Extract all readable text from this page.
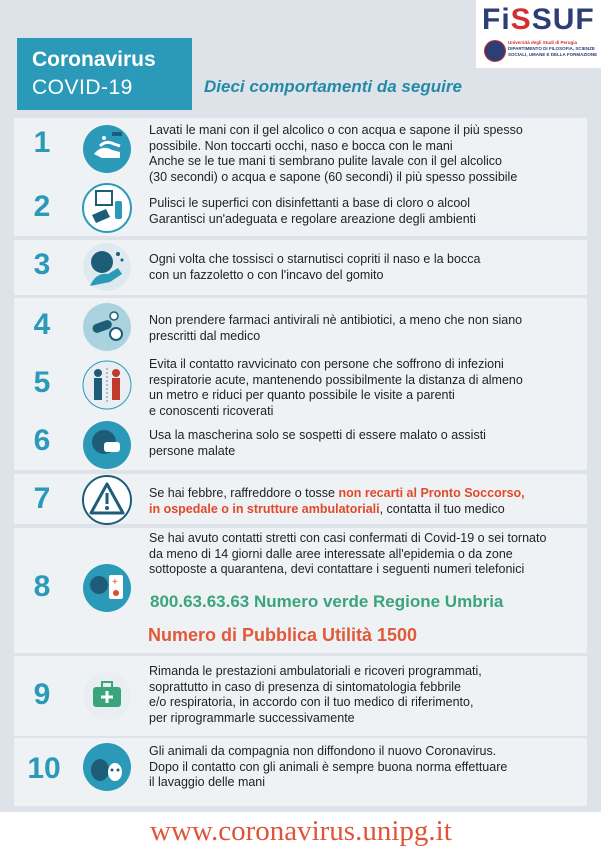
Coronavirus
COVID-19	Dieci comportamenti da seguire
FiSSUF
Università degli Studi di Perugia
DIPARTIMENTO DI FILOSOFIA, SCIENZE SOCIALI, UMANE E DELLA FORMAZIONE
1
2
3
4
5
6
7
8
9
10
+
Lavati le mani con il gel alcolico o con acqua e sapone il più spesso
possibile. Non toccarti occhi, naso e bocca con le mani
Anche se le tue mani ti sembrano pulite lavale con il gel alcolico
(30 secondi) o acqua e sapone (60 secondi) il più spesso possibile
Pulisci le superfici con disinfettanti a base di cloro o alcool
Garantisci un'adeguata e regolare areazione degli ambienti
Ogni volta che tossisci o starnutisci copriti il naso e la bocca
con un fazzoletto o con l'incavo del gomito
Non prendere farmaci antivirali nè antibiotici, a meno che non siano
prescritti dal medico
Evita il contatto ravvicinato con persone che soffrono di infezioni
respiratorie acute, mantenendo possibilmente la distanza di almeno
un metro e riduci per quanto possibile le visite a parenti
e conoscenti ricoverati
Usa la mascherina solo se sospetti di essere malato o assisti
persone malate
Se hai febbre, raffreddore o tosse non recarti al Pronto Soccorso,
in ospedale o in strutture ambulatoriali, contatta il tuo medico
Se hai avuto contatti stretti con casi confermati di Covid-19 o sei tornato
da meno di 14 giorni dalle aree interessate all'epidemia o da zone
sottoposte a quarantena, devi contattare i seguenti numeri telefonici
800.63.63.63 Numero verde Regione Umbria
Numero di Pubblica Utilità 1500
Rimanda le prestazioni ambulatoriali e ricoveri programmati,
soprattutto in caso di presenza di sintomatologia febbrile
e/o respiratoria, in accordo con il tuo medico di riferimento,
per riprogrammarle successivamente
Gli animali da compagnia non diffondono il nuovo Coronavirus.
Dopo il contatto con gli animali è sempre buona norma effettuare
il lavaggio delle mani
www.coronavirus.unipg.it
